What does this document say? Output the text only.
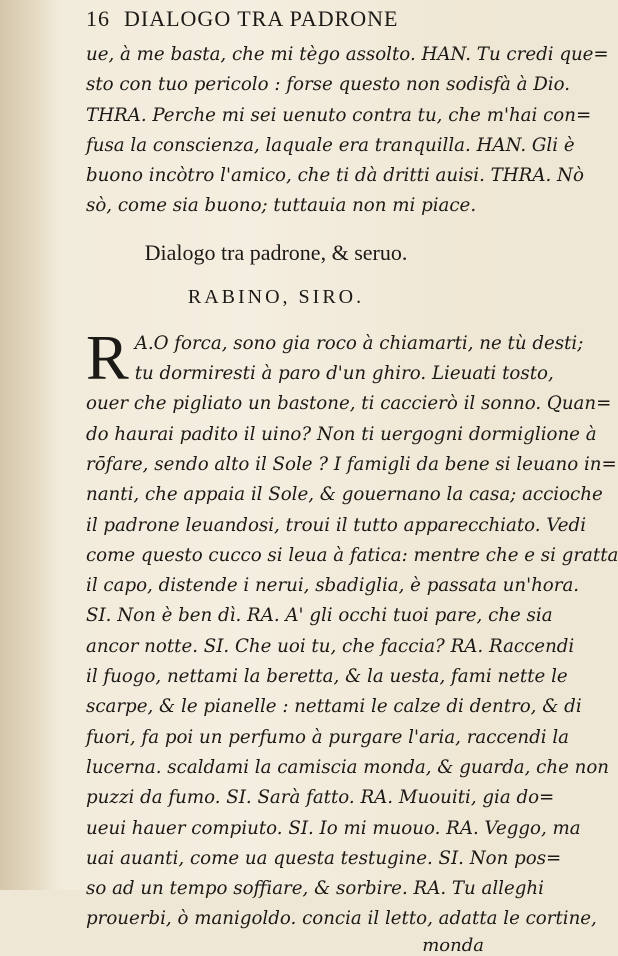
16 DIALOGO TRA PADRONE

ue, à me basta, che mi tègo assolto. HAN. Tu credi que=

sto con tuo pericolo : forse questo non sodisfà à Dio.

THRA. Perche mi sei uenuto contra tu, che m'hai con=

fusa la conscienza, laquale era tranquilla. HAN. Gli è

buono incòtro l'amico, che ti dà dritti auisi. THRA. Nò

sò, come sia buono; tuttauia non mi piace.

Dialogo tra padrone, & seruo.
RABINO, SIRO.
R A.O forca, sono gia roco à chiamarti, ne tù desti;

tu dormiresti à paro d'un ghiro. Lieuati tosto,

ouer che pigliato un bastone, ti caccierò il sonno. Quan=

do haurai padito il uino? Non ti uergogni dormiglione à

rōfare, sendo alto il Sole ? I famigli da bene si leuano in=

nanti, che appaia il Sole, & gouernano la casa; accioche

il padrone leuandosi, troui il tutto apparecchiato. Vedi

come questo cucco si leua à fatica: mentre che e si gratta

il capo, distende i nerui, sbadiglia, è passata un'hora.

SI. Non è ben dì. RA. A' gli occhi tuoi pare, che sia

ancor notte. SI. Che uoi tu, che faccia? RA. Raccendi

il fuogo, nettami la beretta, & la uesta, fami nette le

scarpe, & le pianelle : nettami le calze di dentro, & di

fuori, fa poi un perfumo à purgare l'aria, raccendi la

lucerna. scaldami la camiscia monda, & guarda, che non

puzzi da fumo. SI. Sarà fatto. RA. Muouiti, gia do=

ueui hauer compiuto. SI. Io mi muouo. RA. Veggo, ma

uai auanti, come ua questa testugine. SI. Non pos=

so ad un tempo soffiare, & sorbire. RA. Tu alleghi

prouerbi, ò manigoldo. concia il letto, adatta le cortine,

monda
